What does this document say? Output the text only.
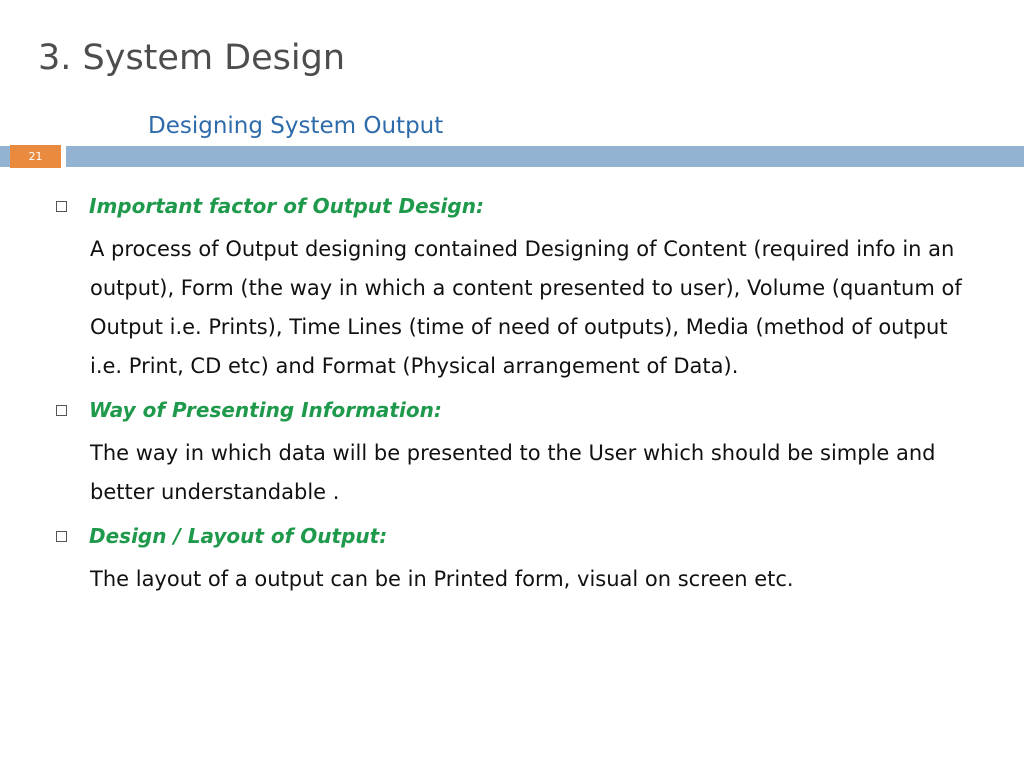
3. System Design
Designing System Output
21
Important factor of Output Design:
A process of Output designing contained Designing of Content (required info in an output), Form (the way in which a content presented to user), Volume (quantum of Output i.e. Prints), Time Lines (time of need of outputs), Media (method of output i.e. Print, CD etc) and Format (Physical arrangement of Data).
Way of Presenting Information:
The way in which data will be presented to the User which should be simple and better understandable .
Design / Layout of Output:
The layout of a output can be in Printed form, visual on screen etc.
